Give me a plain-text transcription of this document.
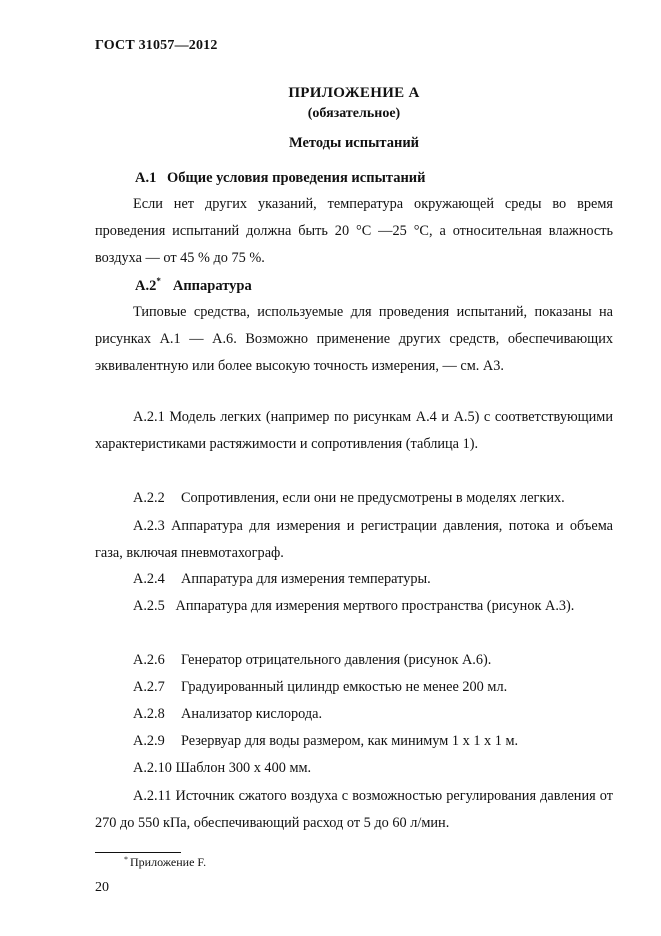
ГОСТ 31057—2012
ПРИЛОЖЕНИЕ А
(обязательное)
Методы испытаний
А.1 Общие условия проведения испытаний
Если нет других указаний, температура окружающей среды во время проведения испытаний должна быть 20 °С —25 °С, а относительная влажность воздуха — от 45 % до 75 %.
А.2* Аппаратура
Типовые средства, используемые для проведения испытаний, показаны на рисунках А.1 — А.6. Возможно применение других средств, обеспечивающих эквивалентную или более высокую точность измерения, — см. А3.
А.2.1 Модель легких (например по рисункам А.4 и А.5) с соответствующими характеристиками растяжимости и сопротивления (таблица 1).
А.2.2 Сопротивления, если они не предусмотрены в моделях легких.
А.2.3 Аппаратура для измерения и регистрации давления, потока и объема газа, включая пневмотахограф.
А.2.4 Аппаратура для измерения температуры.
А.2.5 Аппаратура для измерения мертвого пространства (рисунок А.3).
А.2.6 Генератор отрицательного давления (рисунок А.6).
А.2.7 Градуированный цилиндр емкостью не менее 200 мл.
А.2.8 Анализатор кислорода.
А.2.9 Резервуар для воды размером, как минимум 1 х 1 х 1 м.
А.2.10 Шаблон 300 х 400 мм.
А.2.11 Источник сжатого воздуха с возможностью регулирования давления от 270 до 550 кПа, обеспечивающий расход от 5 до 60 л/мин.
* Приложение F.
20
